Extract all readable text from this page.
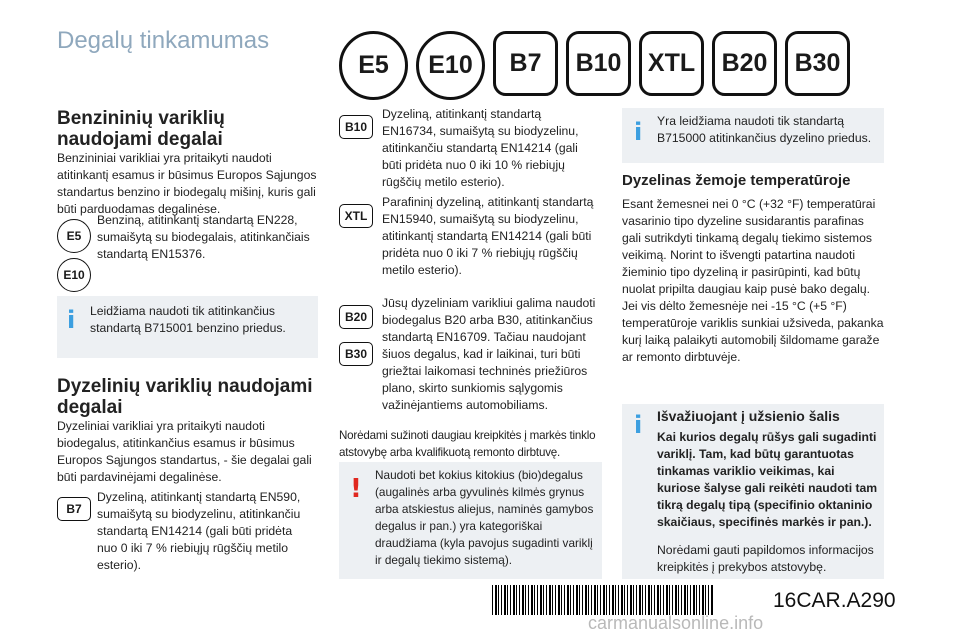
Degalų tinkamumas
E5	E10	B7	B10	XTL	B20	B30
Benzininių variklių naudojami degalai
Benzininiai varikliai yra pritaikyti naudoti atitinkantį esamus ir būsimus Europos Sąjungos standartus benzino ir biodegalų mišinį, kuris gali būti parduodamas degalinėse.
E5
E10
Benziną, atitinkantį standartą EN228, sumaišytą su biodegalais, atitinkančiais standartą EN15376.
i Leidžiama naudoti tik atitinkančius standartą B715001 benzino priedus.
Dyzelinių variklių naudojami degalai
Dyzeliniai varikliai yra pritaikyti naudoti biodegalus, atitinkančius esamus ir būsimus Europos Sąjungos standartus, - šie degalai gali būti pardavinėjami degalinėse.
B7
Dyzeliną, atitinkantį standartą EN590, sumaišytą su biodyzelinu, atitinkančiu standartą EN14214 (gali būti pridėta nuo 0 iki 7 % riebiųjų rūgščių metilo esterio).
B10
Dyzeliną, atitinkantį standartą EN16734, sumaišytą su biodyzelinu, atitinkančiu standartą EN14214 (gali būti pridėta nuo 0 iki 10 % riebiųjų rūgščių metilo esterio).
XTL
Parafininį dyzeliną, atitinkantį standartą EN15940, sumaišytą su biodyzelinu, atitinkantį standartą EN14214 (gali būti pridėta nuo 0 iki 7 % riebiųjų rūgščių metilo esterio).
B20
B30
Jūsų dyzeliniam varikliui galima naudoti biodegalus B20 arba B30, atitinkančius standartą EN16709. Tačiau naudojant šiuos degalus, kad ir laikinai, turi būti griežtai laikomasi techninės priežiūros plano, skirto sunkiomis sąlygomis važinėjantiems automobiliams.
Norėdami sužinoti daugiau kreipkitės į markės tinklo atstovybę arba kvalifikuotą remonto dirbtuvę.
! Naudoti bet kokius kitokius (bio)degalus (augalinės arba gyvulinės kilmės grynus arba atskiestus aliejus, naminės gamybos degalus ir pan.) yra kategoriškai draudžiama (kyla pavojus sugadinti variklį ir degalų tiekimo sistemą).
i Yra leidžiama naudoti tik standartą B715000 atitinkančius dyzelino priedus.
Dyzelinas žemoje temperatūroje
Esant žemesnei nei 0 °C (+32 °F) temperatūrai vasarinio tipo dyzeline susidarantis parafinas gali sutrikdyti tinkamą degalų tiekimo sistemos veikimą. Norint to išvengti patartina naudoti žieminio tipo dyzeliną ir pasirūpinti, kad būtų nuolat pripilta daugiau kaip pusė bako degalų. Jei vis dėlto žemesnėje nei -15 °C (+5 °F) temperatūroje variklis sunkiai užsiveda, pakanka kurį laiką palaikyti automobilį šildomame garaže ar remonto dirbtuvėje.
i Išvažiuojant į užsienio šalis
Kai kurios degalų rūšys gali sugadinti variklį. Tam, kad būtų garantuotas tinkamas variklio veikimas, kai kuriose šalyse gali reikėti naudoti tam tikrą degalų tipą (specifinio oktaninio skaičiaus, specifinės markės ir pan.).
Norėdami gauti papildomos informacijos kreipkitės į prekybos atstovybę.
16CAR.A290
carmanualsonline.info
